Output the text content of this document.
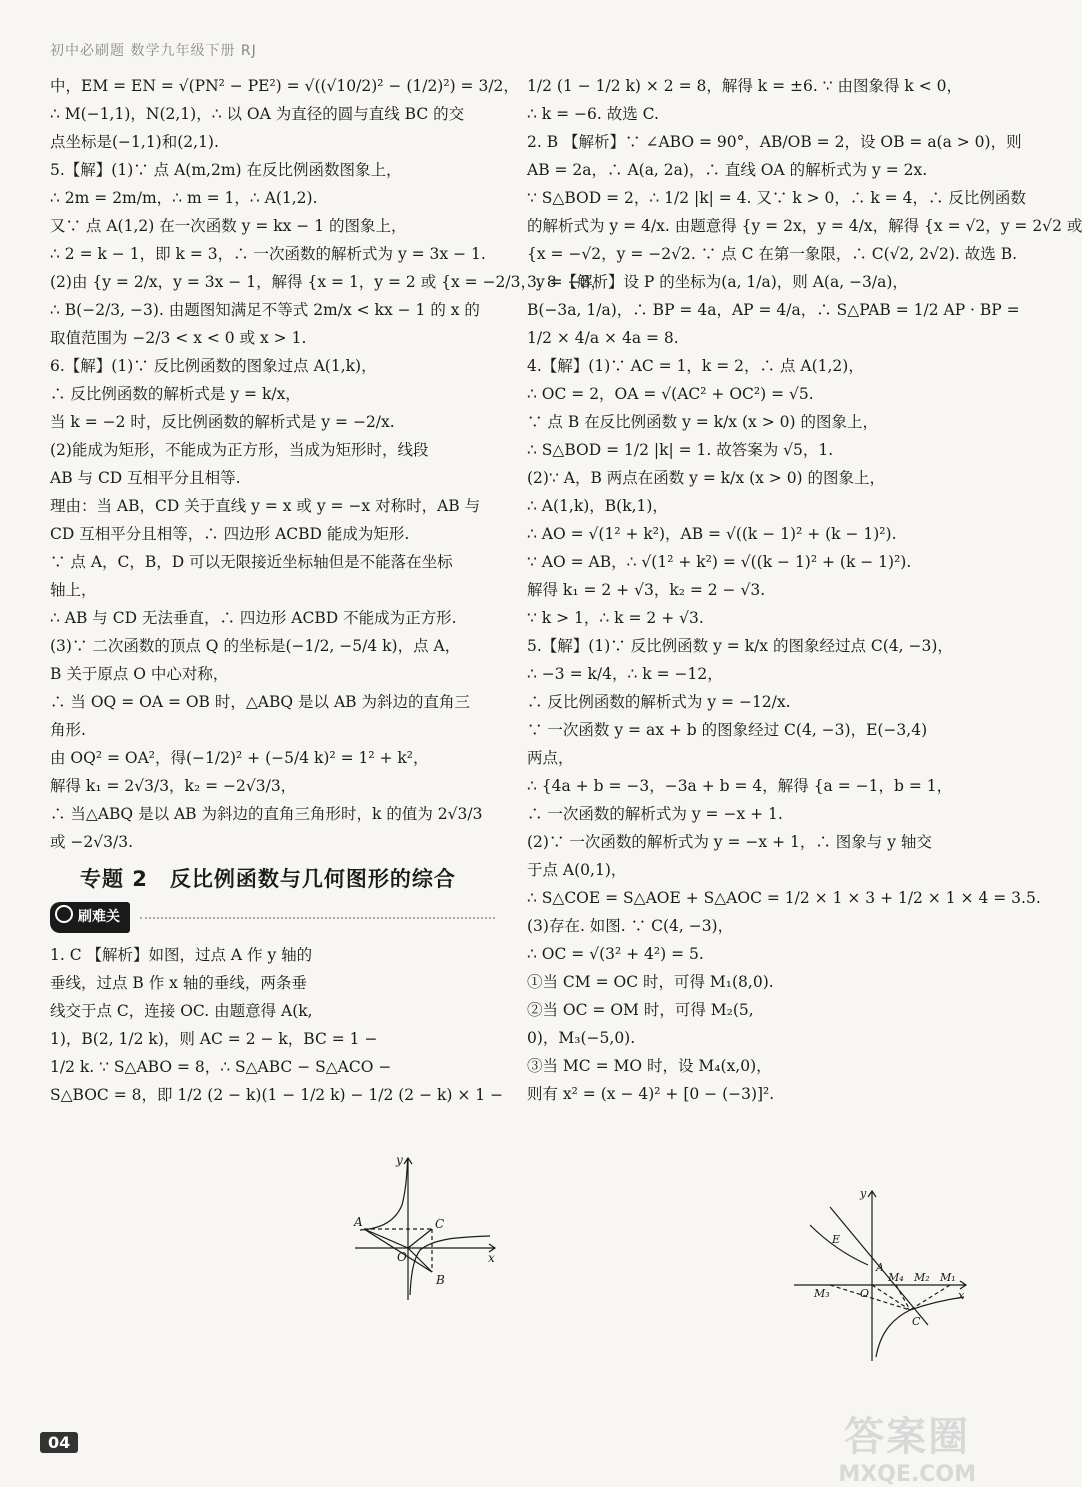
初中必刷题 数学九年级下册 RJ
中，EM = EN = √(PN² − PE²) = √((√10/2)² − (1/2)²) = 3/2，
∴ M(−1,1)，N(2,1)，∴ 以 OA 为直径的圆与直线 BC 的交
点坐标是(−1,1)和(2,1).
5.【解】(1)∵ 点 A(m,2m) 在反比例函数图象上，
∴ 2m = 2m/m，∴ m = 1，∴ A(1,2).
又∵ 点 A(1,2) 在一次函数 y = kx − 1 的图象上，
∴ 2 = k − 1，即 k = 3，∴ 一次函数的解析式为 y = 3x − 1.
(2)由 {y = 2/x，y = 3x − 1，解得 {x = 1，y = 2 或 {x = −2/3，y = −3，
∴ B(−2/3, −3). 由题图知满足不等式 2m/x < kx − 1 的 x 的
取值范围为 −2/3 < x < 0 或 x > 1.
6.【解】(1)∵ 反比例函数的图象过点 A(1,k)，
∴ 反比例函数的解析式是 y = k/x，
当 k = −2 时，反比例函数的解析式是 y = −2/x.
(2)能成为矩形，不能成为正方形，当成为矩形时，线段
AB 与 CD 互相平分且相等.
理由：当 AB，CD 关于直线 y = x 或 y = −x 对称时，AB 与
CD 互相平分且相等，∴ 四边形 ACBD 能成为矩形.
∵ 点 A，C，B，D 可以无限接近坐标轴但是不能落在坐标
轴上，
∴ AB 与 CD 无法垂直，∴ 四边形 ACBD 不能成为正方形.
(3)∵ 二次函数的顶点 Q 的坐标是(−1/2, −5/4 k)，点 A，
B 关于原点 O 中心对称，
∴ 当 OQ = OA = OB 时，△ABQ 是以 AB 为斜边的直角三
角形.
由 OQ² = OA²，得(−1/2)² + (−5/4 k)² = 1² + k²，
解得 k₁ = 2√3/3，k₂ = −2√3/3，
∴ 当△ABQ 是以 AB 为斜边的直角三角形时，k 的值为 2√3/3
或 −2√3/3.
专题 2　反比例函数与几何图形的综合
刷难关
1. C 【解析】如图，过点 A 作 y 轴的
垂线，过点 B 作 x 轴的垂线，两条垂
线交于点 C，连接 OC. 由题意得 A(k,
1)，B(2, 1/2 k)，则 AC = 2 − k，BC = 1 −
1/2 k. ∵ S△ABO = 8，∴ S△ABC − S△ACO −
S△BOC = 8，即 1/2 (2 − k)(1 − 1/2 k) − 1/2 (2 − k) × 1 −
1/2 (1 − 1/2 k) × 2 = 8，解得 k = ±6. ∵ 由图象得 k < 0，
∴ k = −6. 故选 C.
2. B 【解析】∵ ∠ABO = 90°，AB/OB = 2，设 OB = a(a > 0)，则
AB = 2a，∴ A(a, 2a)，∴ 直线 OA 的解析式为 y = 2x.
∵ S△BOD = 2，∴ 1/2 |k| = 4. 又∵ k > 0，∴ k = 4，∴ 反比例函数
的解析式为 y = 4/x. 由题意得 {y = 2x，y = 4/x，解得 {x = √2，y = 2√2 或
{x = −√2，y = −2√2. ∵ 点 C 在第一象限，∴ C(√2, 2√2). 故选 B.
3. 8 【解析】设 P 的坐标为(a, 1/a)，则 A(a, −3/a)，
B(−3a, 1/a)，∴ BP = 4a，AP = 4/a，∴ S△PAB = 1/2 AP · BP =
1/2 × 4/a × 4a = 8.
4.【解】(1)∵ AC = 1，k = 2，∴ 点 A(1,2)，
∴ OC = 2，OA = √(AC² + OC²) = √5.
∵ 点 B 在反比例函数 y = k/x (x > 0) 的图象上，
∴ S△BOD = 1/2 |k| = 1. 故答案为 √5，1.
(2)∵ A，B 两点在函数 y = k/x (x > 0) 的图象上，
∴ A(1,k)，B(k,1)，
∴ AO = √(1² + k²)，AB = √((k − 1)² + (k − 1)²).
∵ AO = AB，∴ √(1² + k²) = √((k − 1)² + (k − 1)²).
解得 k₁ = 2 + √3，k₂ = 2 − √3.
∵ k > 1，∴ k = 2 + √3.
5.【解】(1)∵ 反比例函数 y = k/x 的图象经过点 C(4, −3)，
∴ −3 = k/4，∴ k = −12，
∴ 反比例函数的解析式为 y = −12/x.
∵ 一次函数 y = ax + b 的图象经过 C(4, −3)，E(−3,4)
两点，
∴ {4a + b = −3，−3a + b = 4，解得 {a = −1，b = 1，
∴ 一次函数的解析式为 y = −x + 1.
(2)∵ 一次函数的解析式为 y = −x + 1，∴ 图象与 y 轴交
于点 A(0,1)，
∴ S△COE = S△AOE + S△AOC = 1/2 × 1 × 3 + 1/2 × 1 × 4 = 3.5.
(3)存在. 如图. ∵ C(4, −3)，
∴ OC = √(3² + 4²) = 5.
①当 CM = OC 时，可得 M₁(8,0).
②当 OC = OM 时，可得 M₂(5,
0)，M₃(−5,0).
③当 MC = MO 时，设 M₄(x,0)，
则有 x² = (x − 4)² + [0 − (−3)]².
y
x
A	C
O
B
y
x
E
A
O
C
M₁
M₂
M₃
M₄
04	答案圈
MXQE.COM
